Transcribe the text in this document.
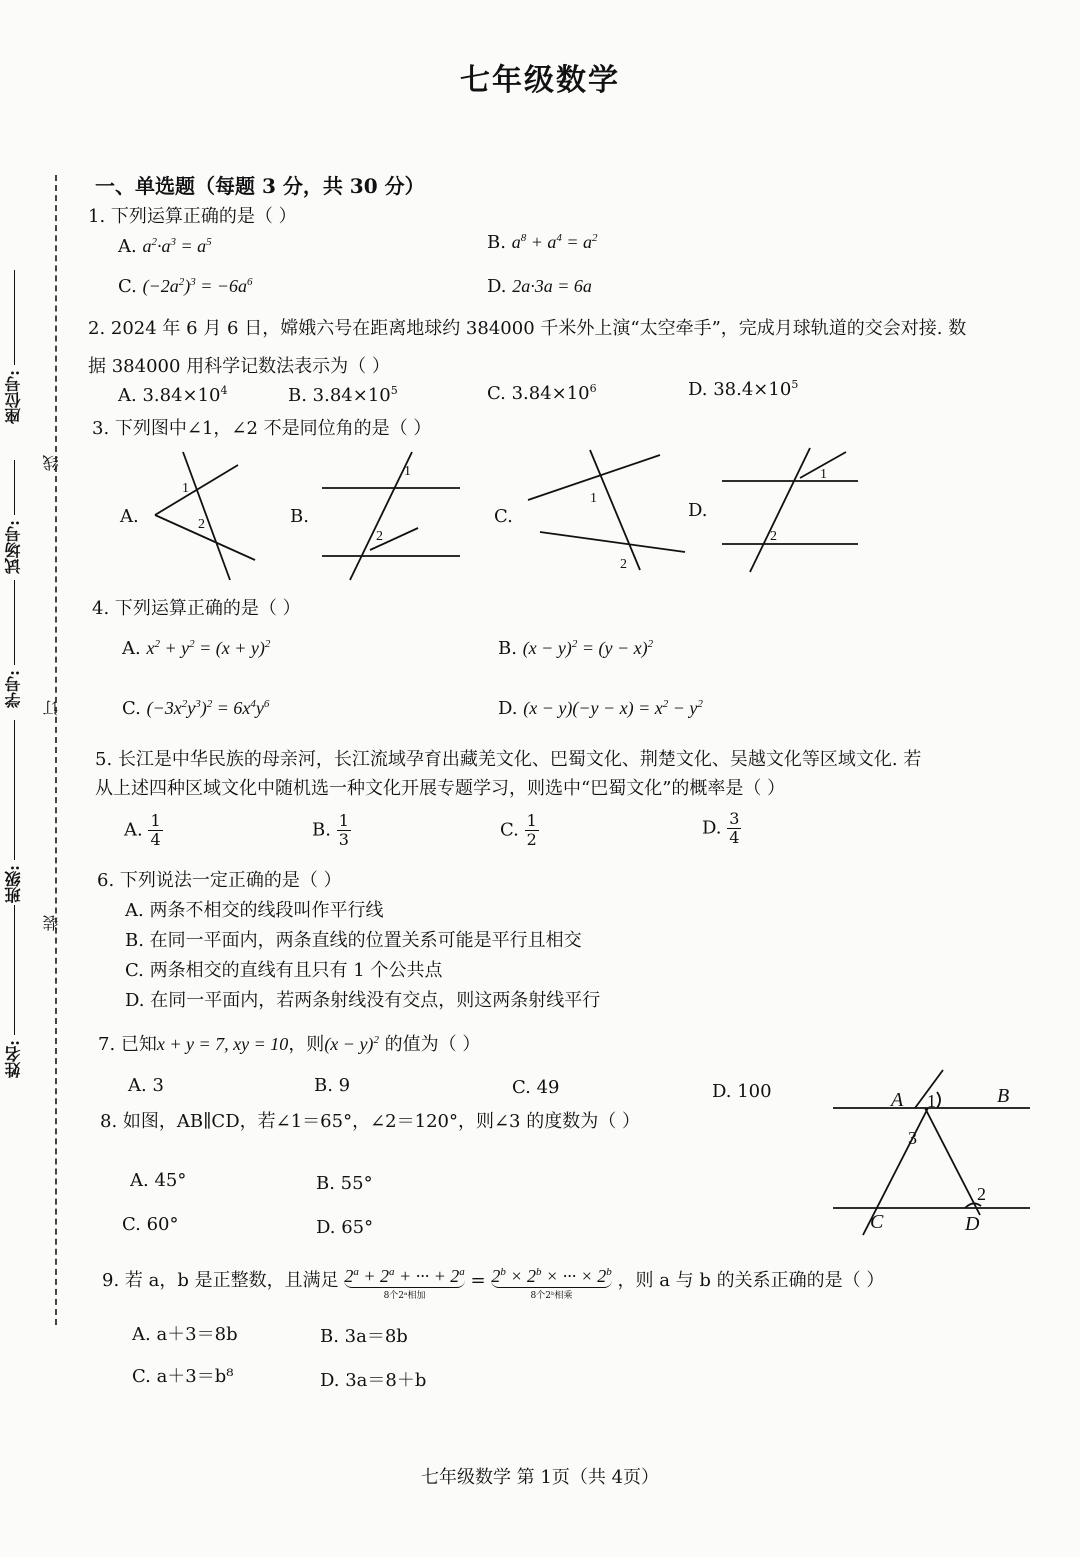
七年级数学
线
订
装
座位号:
试场号:
学号:
班级:
姓名:
一、单选题（每题 3 分，共 30 分）
1. 下列运算正确的是（ ）
A. $a^2\cdot a^3 = a^5$	B. $a^8 + a^4 = a^2$
C. $(-2a^2)^3 = -6a^6$	D. 2a·3a = 6a
2. 2024 年 6 月 6 日，嫦娥六号在距离地球约 384000 千米外上演“太空牵手”，完成月球轨道的交会对接. 数
据 384000 用科学记数法表示为（ ）
A. $3.84\times 10^4$	B. $3.84\times 10^5$	C. $3.84\times 10^6$	D. $38.4\times 10^5$
3. 下列图中∠1，∠2 不是同位角的是（ ）
A.	B.	C.	D.
1
2
1
2
1
2
1
2
4. 下列运算正确的是（ ）
A. $x^2 + y^2 = (x + y)^2$	B. $(x - y)^2 = (y - x)^2$
C. $(-3x^2y^3)^2 = 6x^4y^6$	D. $(x - y)(-y - x) = x^2 - y^2$
5. 长江是中华民族的母亲河，长江流域孕育出藏羌文化、巴蜀文化、荆楚文化、吴越文化等区域文化. 若
从上述四种区域文化中随机选一种文化开展专题学习，则选中“巴蜀文化”的概率是（ ）
A. $\frac{1}{4}$	B. $\frac{1}{3}$	C. $\frac{1}{2}$	D. $\frac{3}{4}$
6. 下列说法一定正确的是（ ）
A. 两条不相交的线段叫作平行线
B. 在同一平面内，两条直线的位置关系可能是平行且相交
C. 两条相交的直线有且只有 1 个公共点
D. 在同一平面内，若两条射线没有交点，则这两条射线平行
7. 已知x + y = 7, xy = 10，则$(x - y)^2$ 的值为（ ）
A. 3	B. 9	C. 49	D. 100
8. 如图，AB∥CD，若∠1＝65°，∠2＝120°，则∠3 的度数为（ ）
A. 45°	B. 55°
C. 60°	D. 65°
A	B
C	D
1
2
3
9. 若 a，b 是正整数，且满足 $2^a + 2^a$ + ··· + $2^a$
8个2ᵃ相加
= $2^b \times 2^b$ × ··· × $2^b$
8个2ᵇ相乘
，则 a 与 b 的关系正确的是（ ）
A. a＋3＝8b	B. 3a＝8b
C. a＋3＝b⁸	D. 3a＝8＋b
七年级数学 第 1页（共 4页）
